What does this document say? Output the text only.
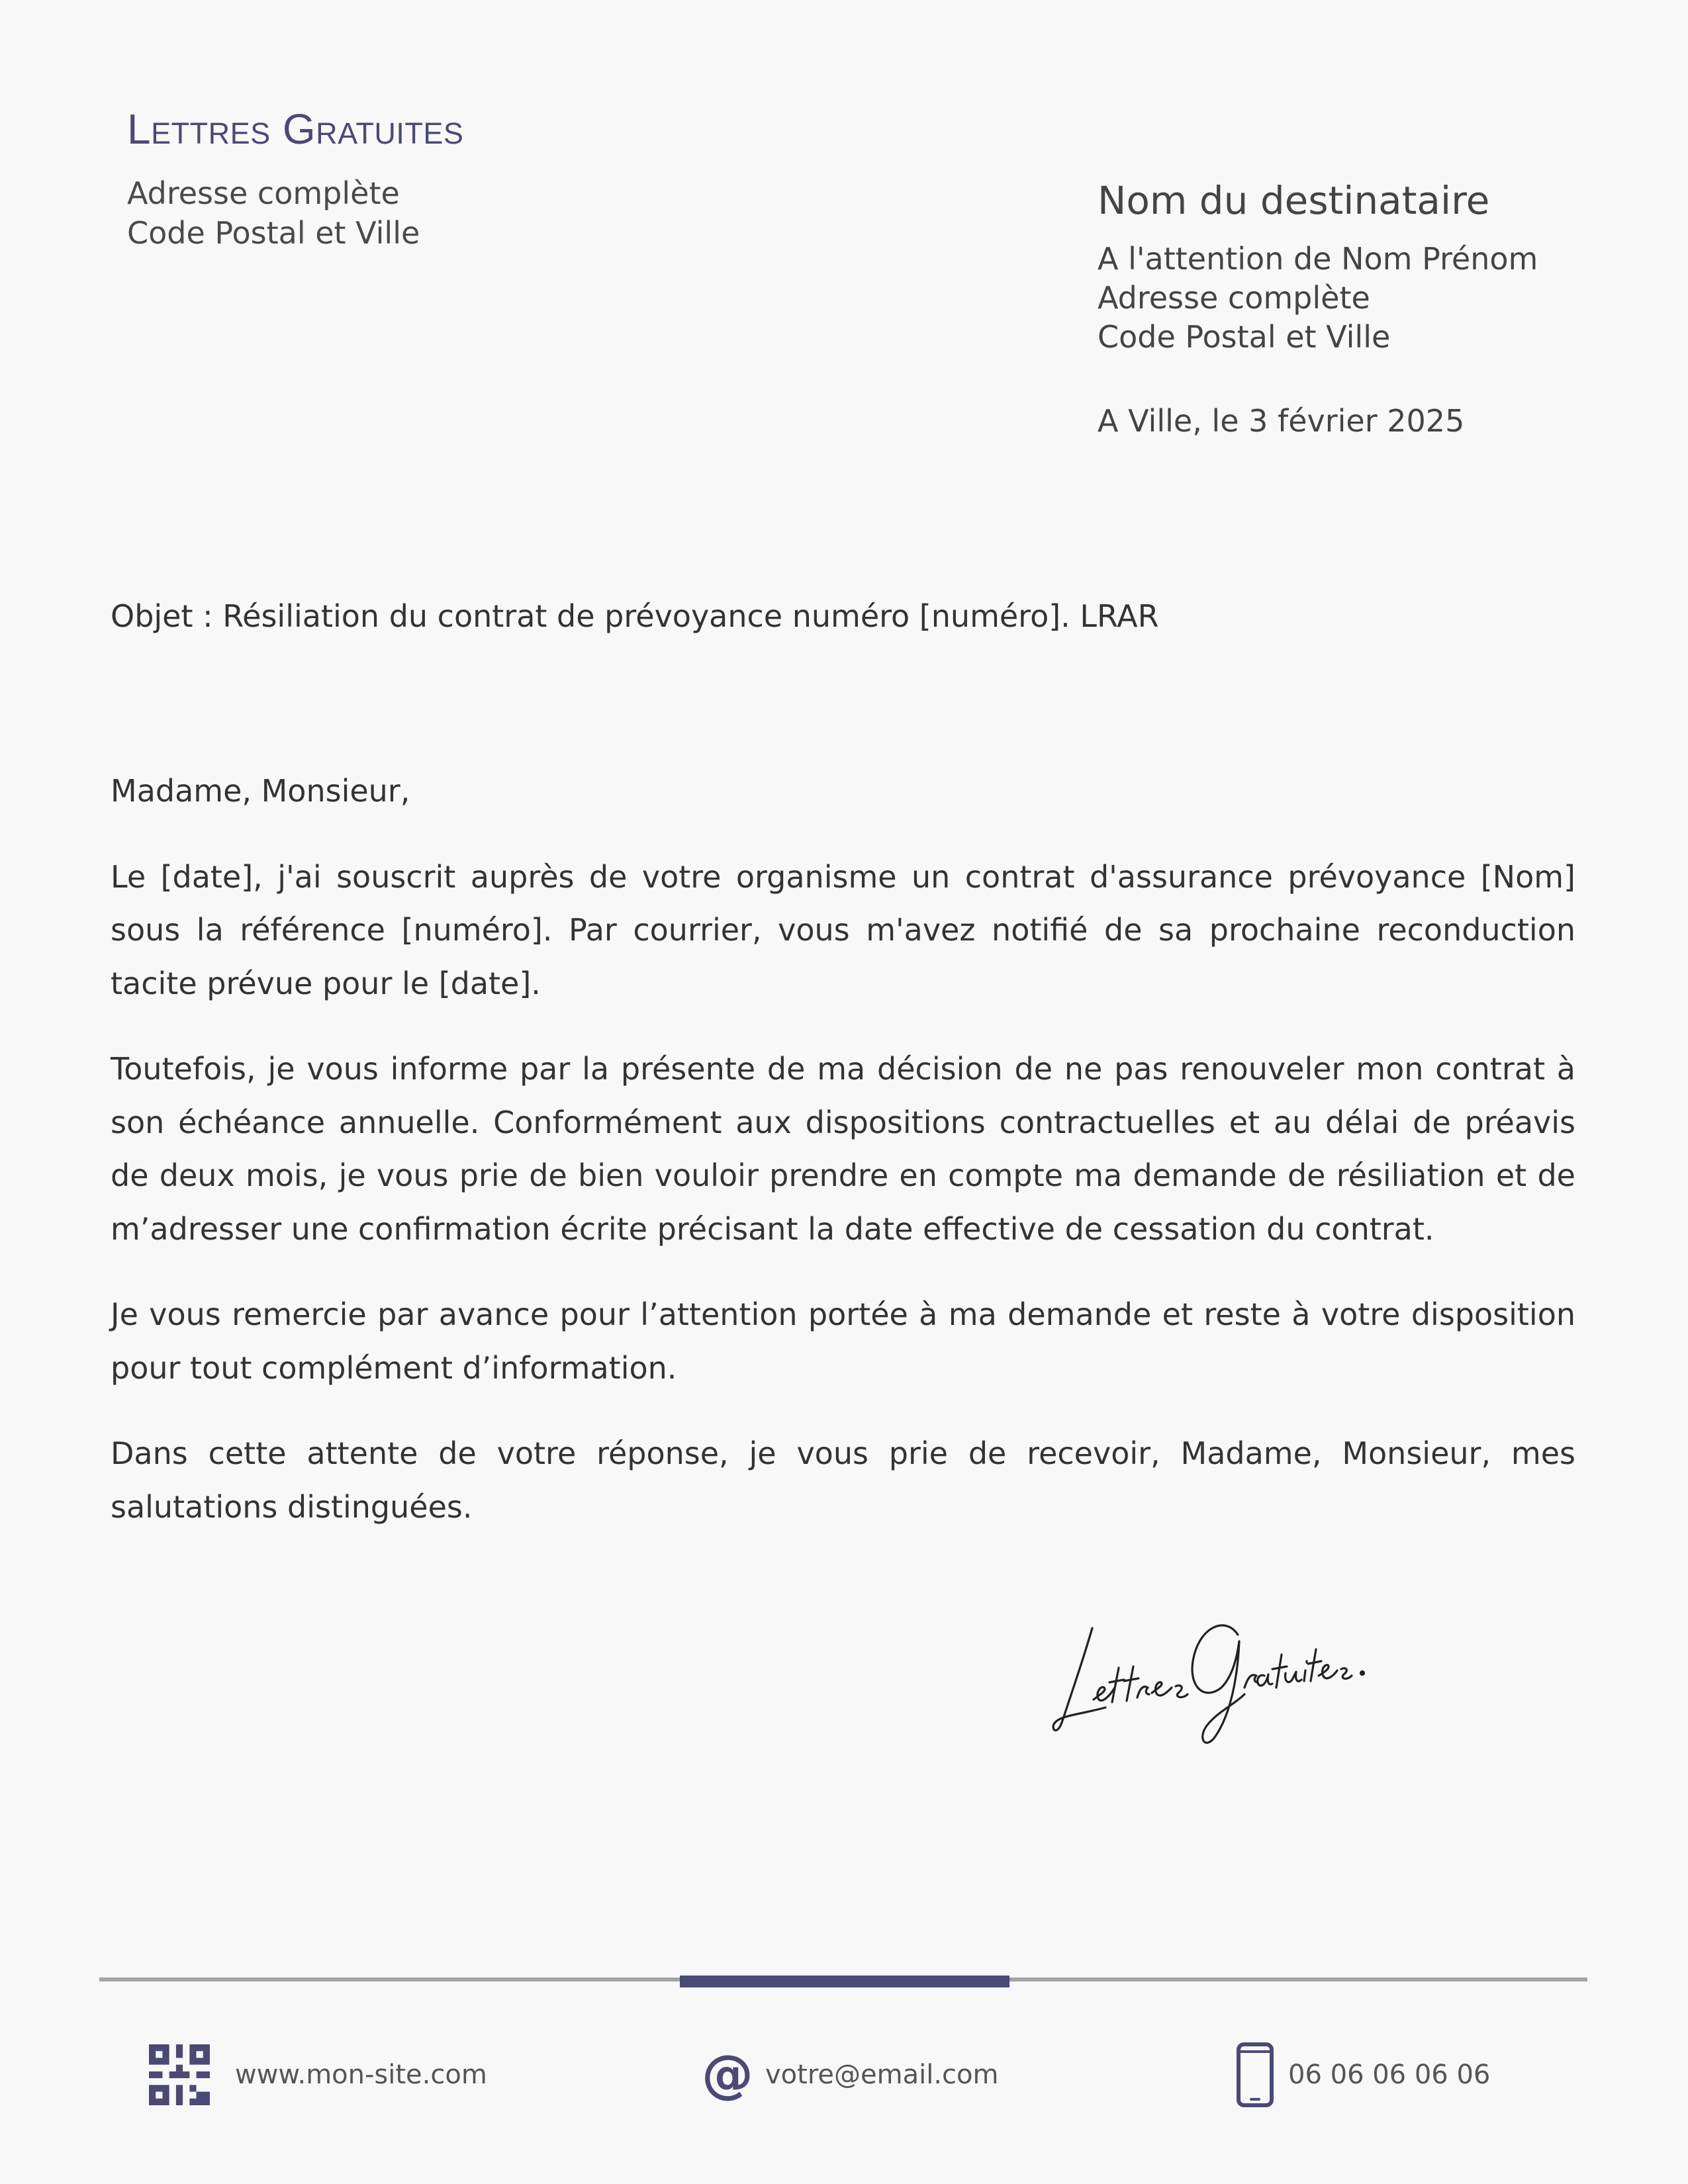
Lettres Gratuites
Adresse complète
Code Postal et Ville
Nom du destinataire
A l'attention de Nom Prénom
Adresse complète
Code Postal et Ville
A Ville, le 3 février 2025
Objet : Résiliation du contrat de prévoyance numéro [numéro]. LRAR
Madame, Monsieur,

Le [date], j'ai souscrit auprès de votre organisme un contrat d'assurance prévoyance [Nom] sous la référence [numéro]. Par courrier, vous m'avez notifié de sa prochaine reconduction tacite prévue pour le [date].

Toutefois, je vous informe par la présente de ma décision de ne pas renouveler mon contrat à son échéance annuelle. Conformément aux dispositions contractuelles et au délai de préavis de deux mois, je vous prie de bien vouloir prendre en compte ma demande de résiliation et de m’adresser une confirmation écrite précisant la date effective de cessation du contrat.

Je vous remercie par avance pour l’attention portée à ma demande et reste à votre disposition pour tout complément d’information.

Dans cette attente de votre réponse, je vous prie de recevoir, Madame, Monsieur, mes salutations distinguées.

www.mon-site.com	@ votre@email.com	06 06 06 06 06
